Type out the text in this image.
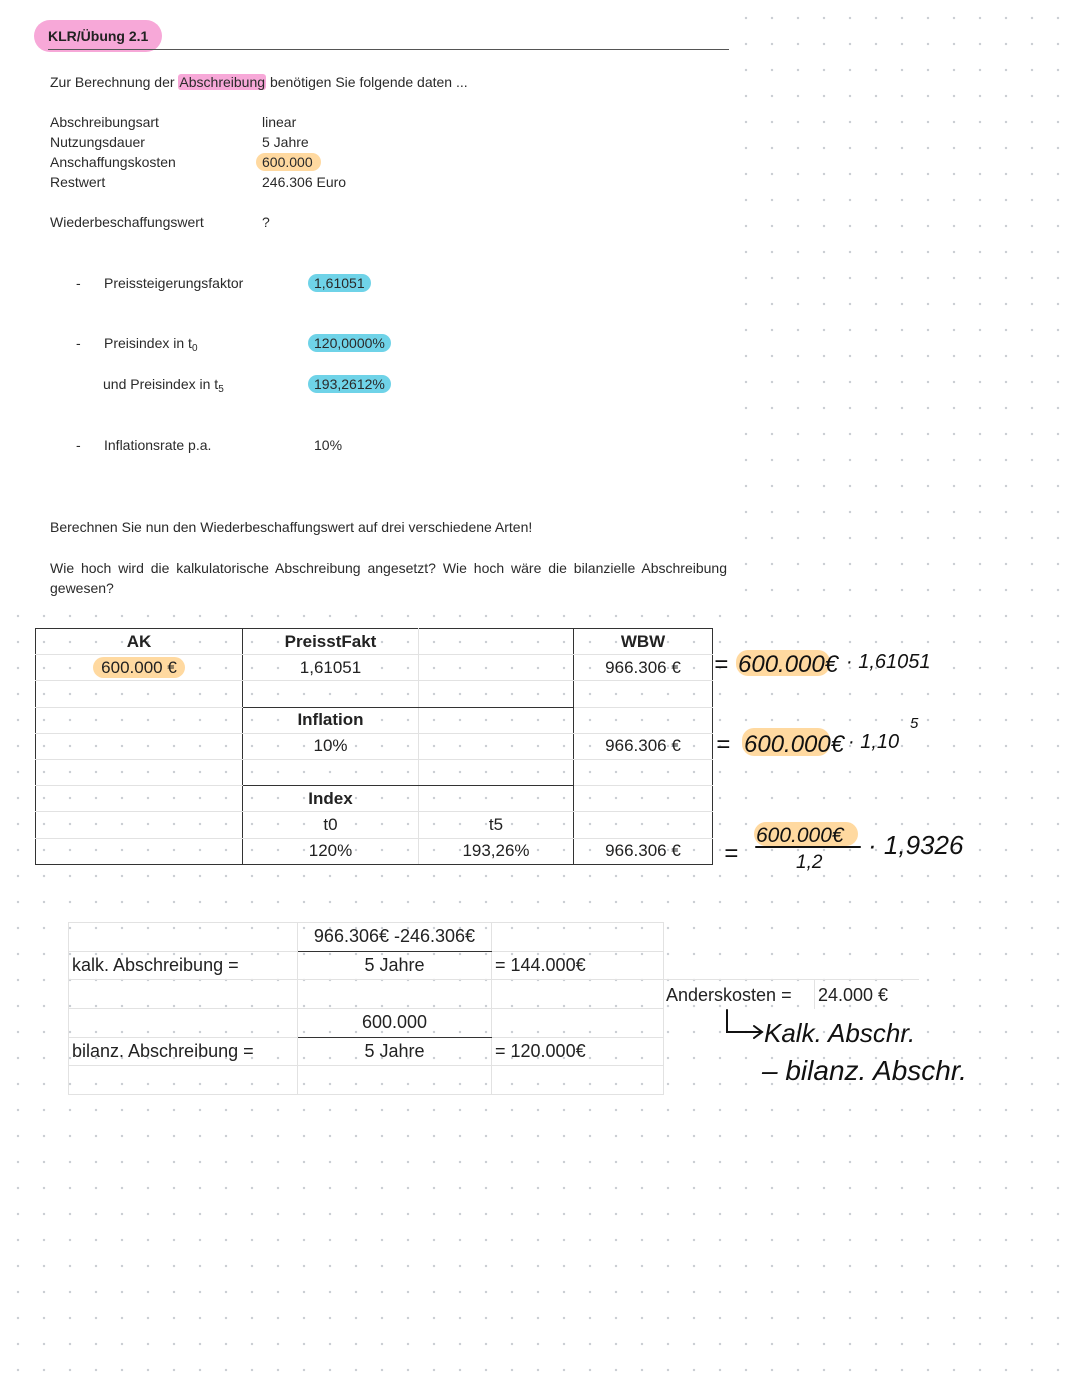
KLR/Übung 2.1
Zur Berechnung der Abschreibung benötigen Sie folgende daten ...
Abschreibungsart	linear
Nutzungsdauer	5 Jahre
Anschaffungskosten	600.000
Restwert	246.306 Euro
Wiederbeschaffungswert	?
- Preissteigerungsfaktor	1,61051
- Preisindex in $t_0$	120,0000%
und Preisindex in $t_5$	193,2612%
- Inflationsrate p.a.	10%
Berechnen Sie nun den Wiederbeschaffungswert auf drei verschiedene Arten!
Wie hoch wird die kalkulatorische Abschreibung angesetzt? Wie hoch wäre die bilanzielle Abschreibung gewesen?
AK	PreisstFakt		WBW
600.000 €	1,61051		966.306 €

	Inflation		
	10%		966.306 €

	Index		
	t0	t5	
	120%	193,26%	966.306 €
	966.306€ -246.306€	
kalk. Abschreibung =	5 Jahre	= 144.000€

	600.000	
bilanz. Abschreibung =	5 Jahre	= 120.000€

Anderskosten = 24.000 €
= 600.000€ · 1,61051
= 600.000€ · 1,10
5
=
600.000€
1,2
· 1,9326
Kalk. Abschr.
– bilanz. Abschr.
